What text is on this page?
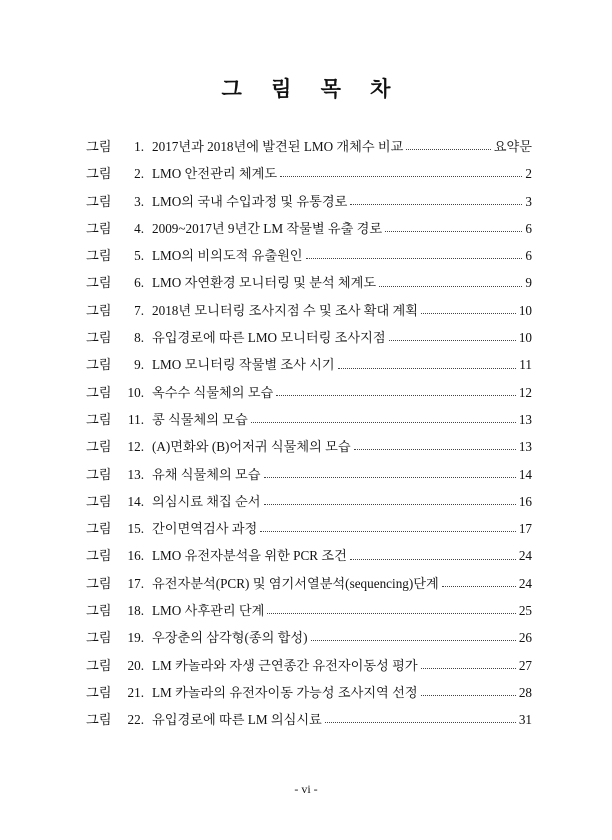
그 림 목 차
그림	1. 2017년과 2018년에 발견된 LMO 개체수 비교	요약문
그림	2. LMO 안전관리 체계도	2
그림	3. LMO의 국내 수입과정 및 유통경로	3
그림	4. 2009~2017년 9년간 LM 작물별 유출 경로	6
그림	5. LMO의 비의도적 유출원인	6
그림	6. LMO 자연환경 모니터링 및 분석 체계도	9
그림	7. 2018년 모니터링 조사지점 수 및 조사 확대 계획	10
그림	8. 유입경로에 따른 LMO 모니터링 조사지점	10
그림	9. LMO 모니터링 작물별 조사 시기	11
그림	10. 옥수수 식물체의 모습	12
그림	11. 콩 식물체의 모습	13
그림	12. (A)면화와 (B)어저귀 식물체의 모습	13
그림	13. 유채 식물체의 모습	14
그림	14. 의심시료 채집 순서	16
그림	15. 간이면역검사 과정	17
그림	16. LMO 유전자분석을 위한 PCR 조건	24
그림	17. 유전자분석(PCR) 및 염기서열분석(sequencing)단계	24
그림	18. LMO 사후관리 단계	25
그림	19. 우장춘의 삼각형(종의 합성)	26
그림	20. LM 카놀라와 자생 근연종간 유전자이동성 평가	27
그림	21. LM 카놀라의 유전자이동 가능성 조사지역 선정	28
그림	22. 유입경로에 따른 LM 의심시료	31
- vi -
